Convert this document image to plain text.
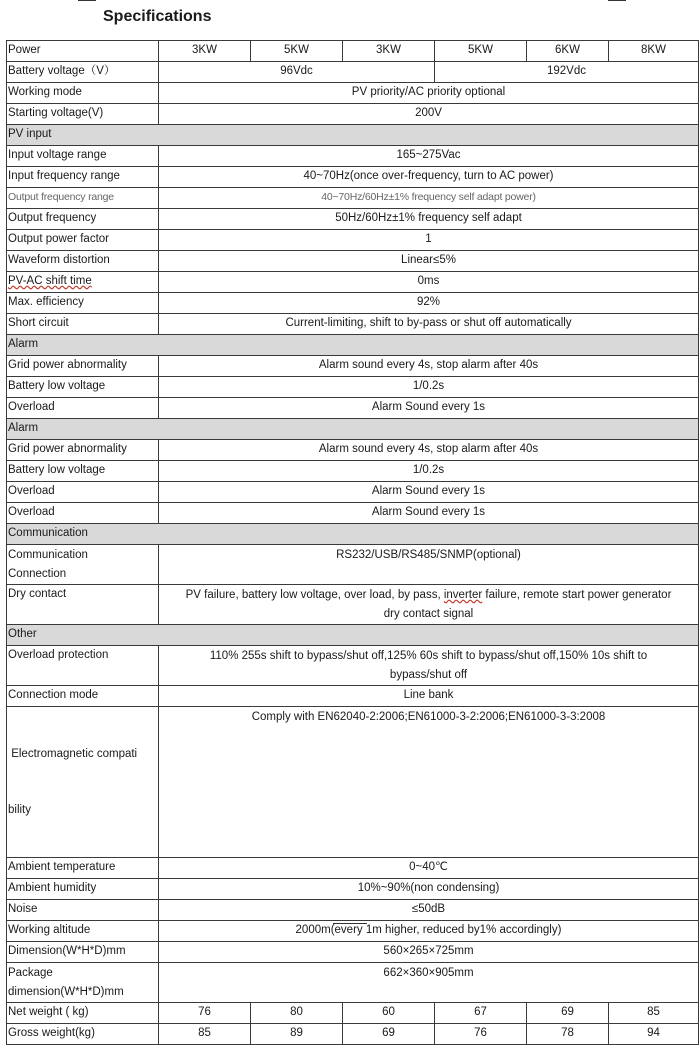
Specifications
Power	3KW	5KW	3KW	5KW	6KW	8KW
Battery voltage（V）	96Vdc			192Vdc		
Working mode	PV priority/AC priority optional					
Starting voltage(V)	200V					
PV input						
Input voltage range	165~275Vac					
Input frequency range	40~70Hz(once over-frequency, turn to AC power)					
Output frequency range	40~70Hz/60Hz±1% frequency self adapt power)					
Output frequency	50Hz/60Hz±1% frequency self adapt					
Output power factor	1					
Waveform distortion	Linear≤5%					
PV-AC shift time	0ms					
Max. efficiency	92%					
Short circuit	Current-limiting, shift to by-pass or shut off automatically					
Alarm						
Grid power abnormality	Alarm sound every 4s, stop alarm after 40s					
Battery low voltage	1/0.2s					
Overload	Alarm Sound every 1s					
Alarm						
Grid power abnormality	Alarm sound every 4s, stop alarm after 40s					
Battery low voltage	1/0.2s					
Overload	Alarm Sound every 1s					
Overload	Alarm Sound every 1s					
Communication						

Communication
Connection	RS232/USB/RS485/SNMP(optional)					
Dry contact	PV failure, battery low voltage, over load, by pass, inverter failure, remote start power generator
dry contact signal					

Other						
Overload protection	110% 255s shift to bypass/shut off,125% 60s shift to bypass/shut off,150% 10s shift to
bypass/shut off					

Connection mode	Line bank					

Electromagnetic compati

bility	Comply with EN62040-2:2006;EN61000-3-2:2006;EN61000-3-3:2008					
Ambient temperature	0~40℃					
Ambient humidity	10%~90%(non condensing)					
Noise	≤50dB					
Working altitude	2000m(every 1m higher, reduced by1% accordingly)					
Dimension(W*H*D)mm	560×265×725mm					

Package
dimension(W*H*D)mm	662×360×905mm					
Net weight ( kg)	76	80	60	67	69	85
Gross weight(kg)	85	89	69	76	78	94
